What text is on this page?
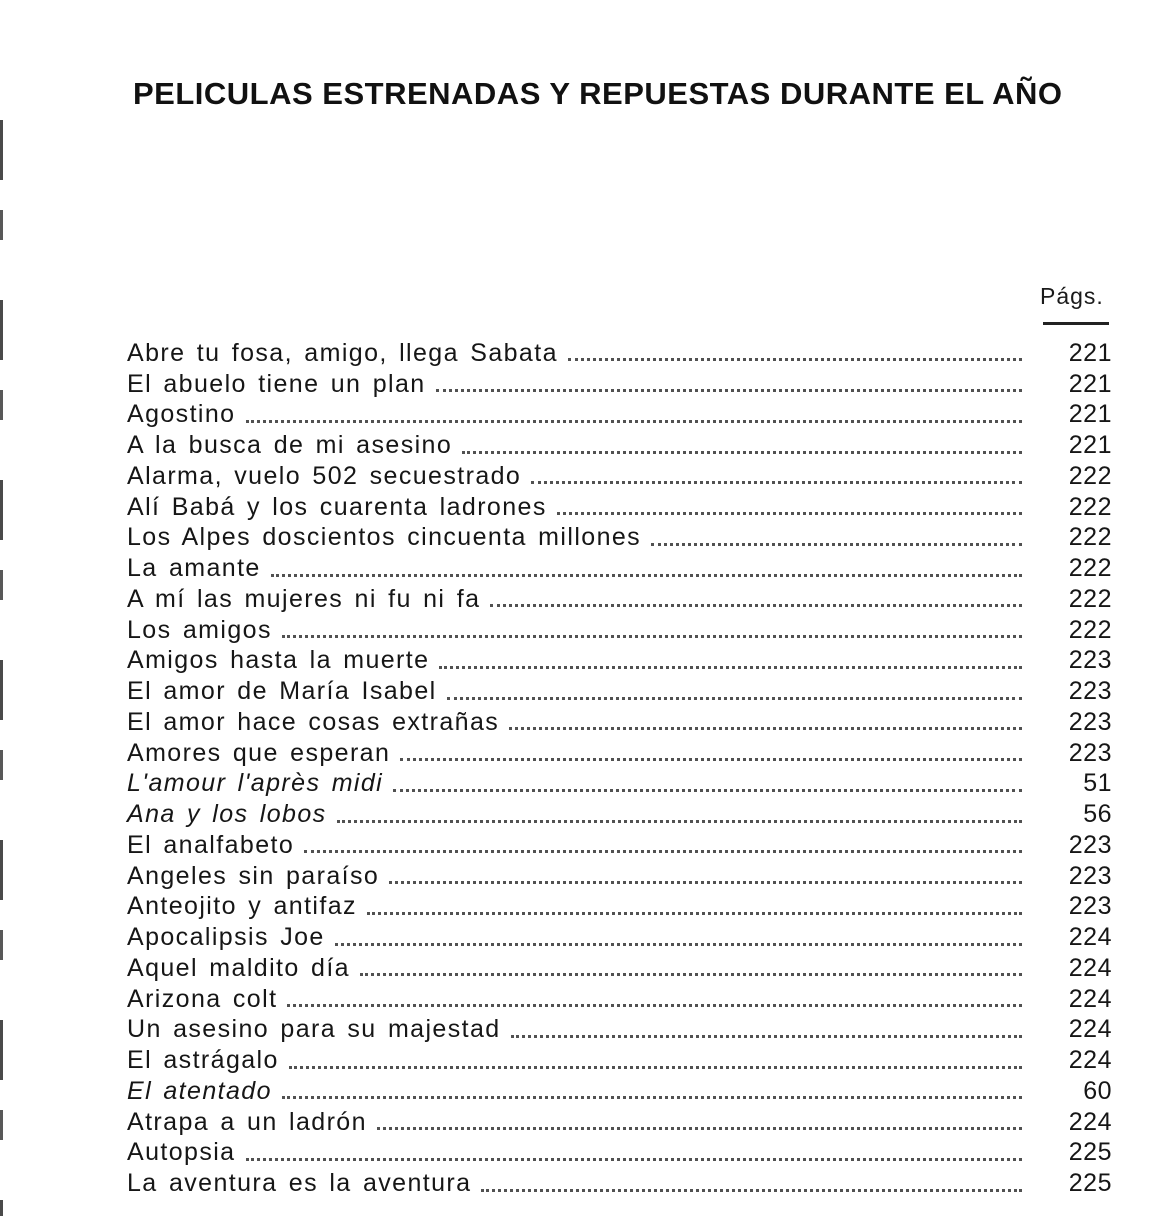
PELICULAS ESTRENADAS Y REPUESTAS DURANTE EL AÑO
Págs.
Abre tu fosa, amigo, llega Sabata	221
El abuelo tiene un plan	221
Agostino	221
A la busca de mi asesino	221
Alarma, vuelo 502 secuestrado	222
Alí Babá y los cuarenta ladrones	222
Los Alpes doscientos cincuenta millones	222
La amante	222
A mí las mujeres ni fu ni fa	222
Los amigos	222
Amigos hasta la muerte	223
El amor de María Isabel	223
El amor hace cosas extrañas	223
Amores que esperan	223
L'amour l'après midi	51
Ana y los lobos	56
El analfabeto	223
Angeles sin paraíso	223
Anteojito y antifaz	223
Apocalipsis Joe	224
Aquel maldito día	224
Arizona colt	224
Un asesino para su majestad	224
El astrágalo	224
El atentado	60
Atrapa a un ladrón	224
Autopsia	225
La aventura es la aventura	225
